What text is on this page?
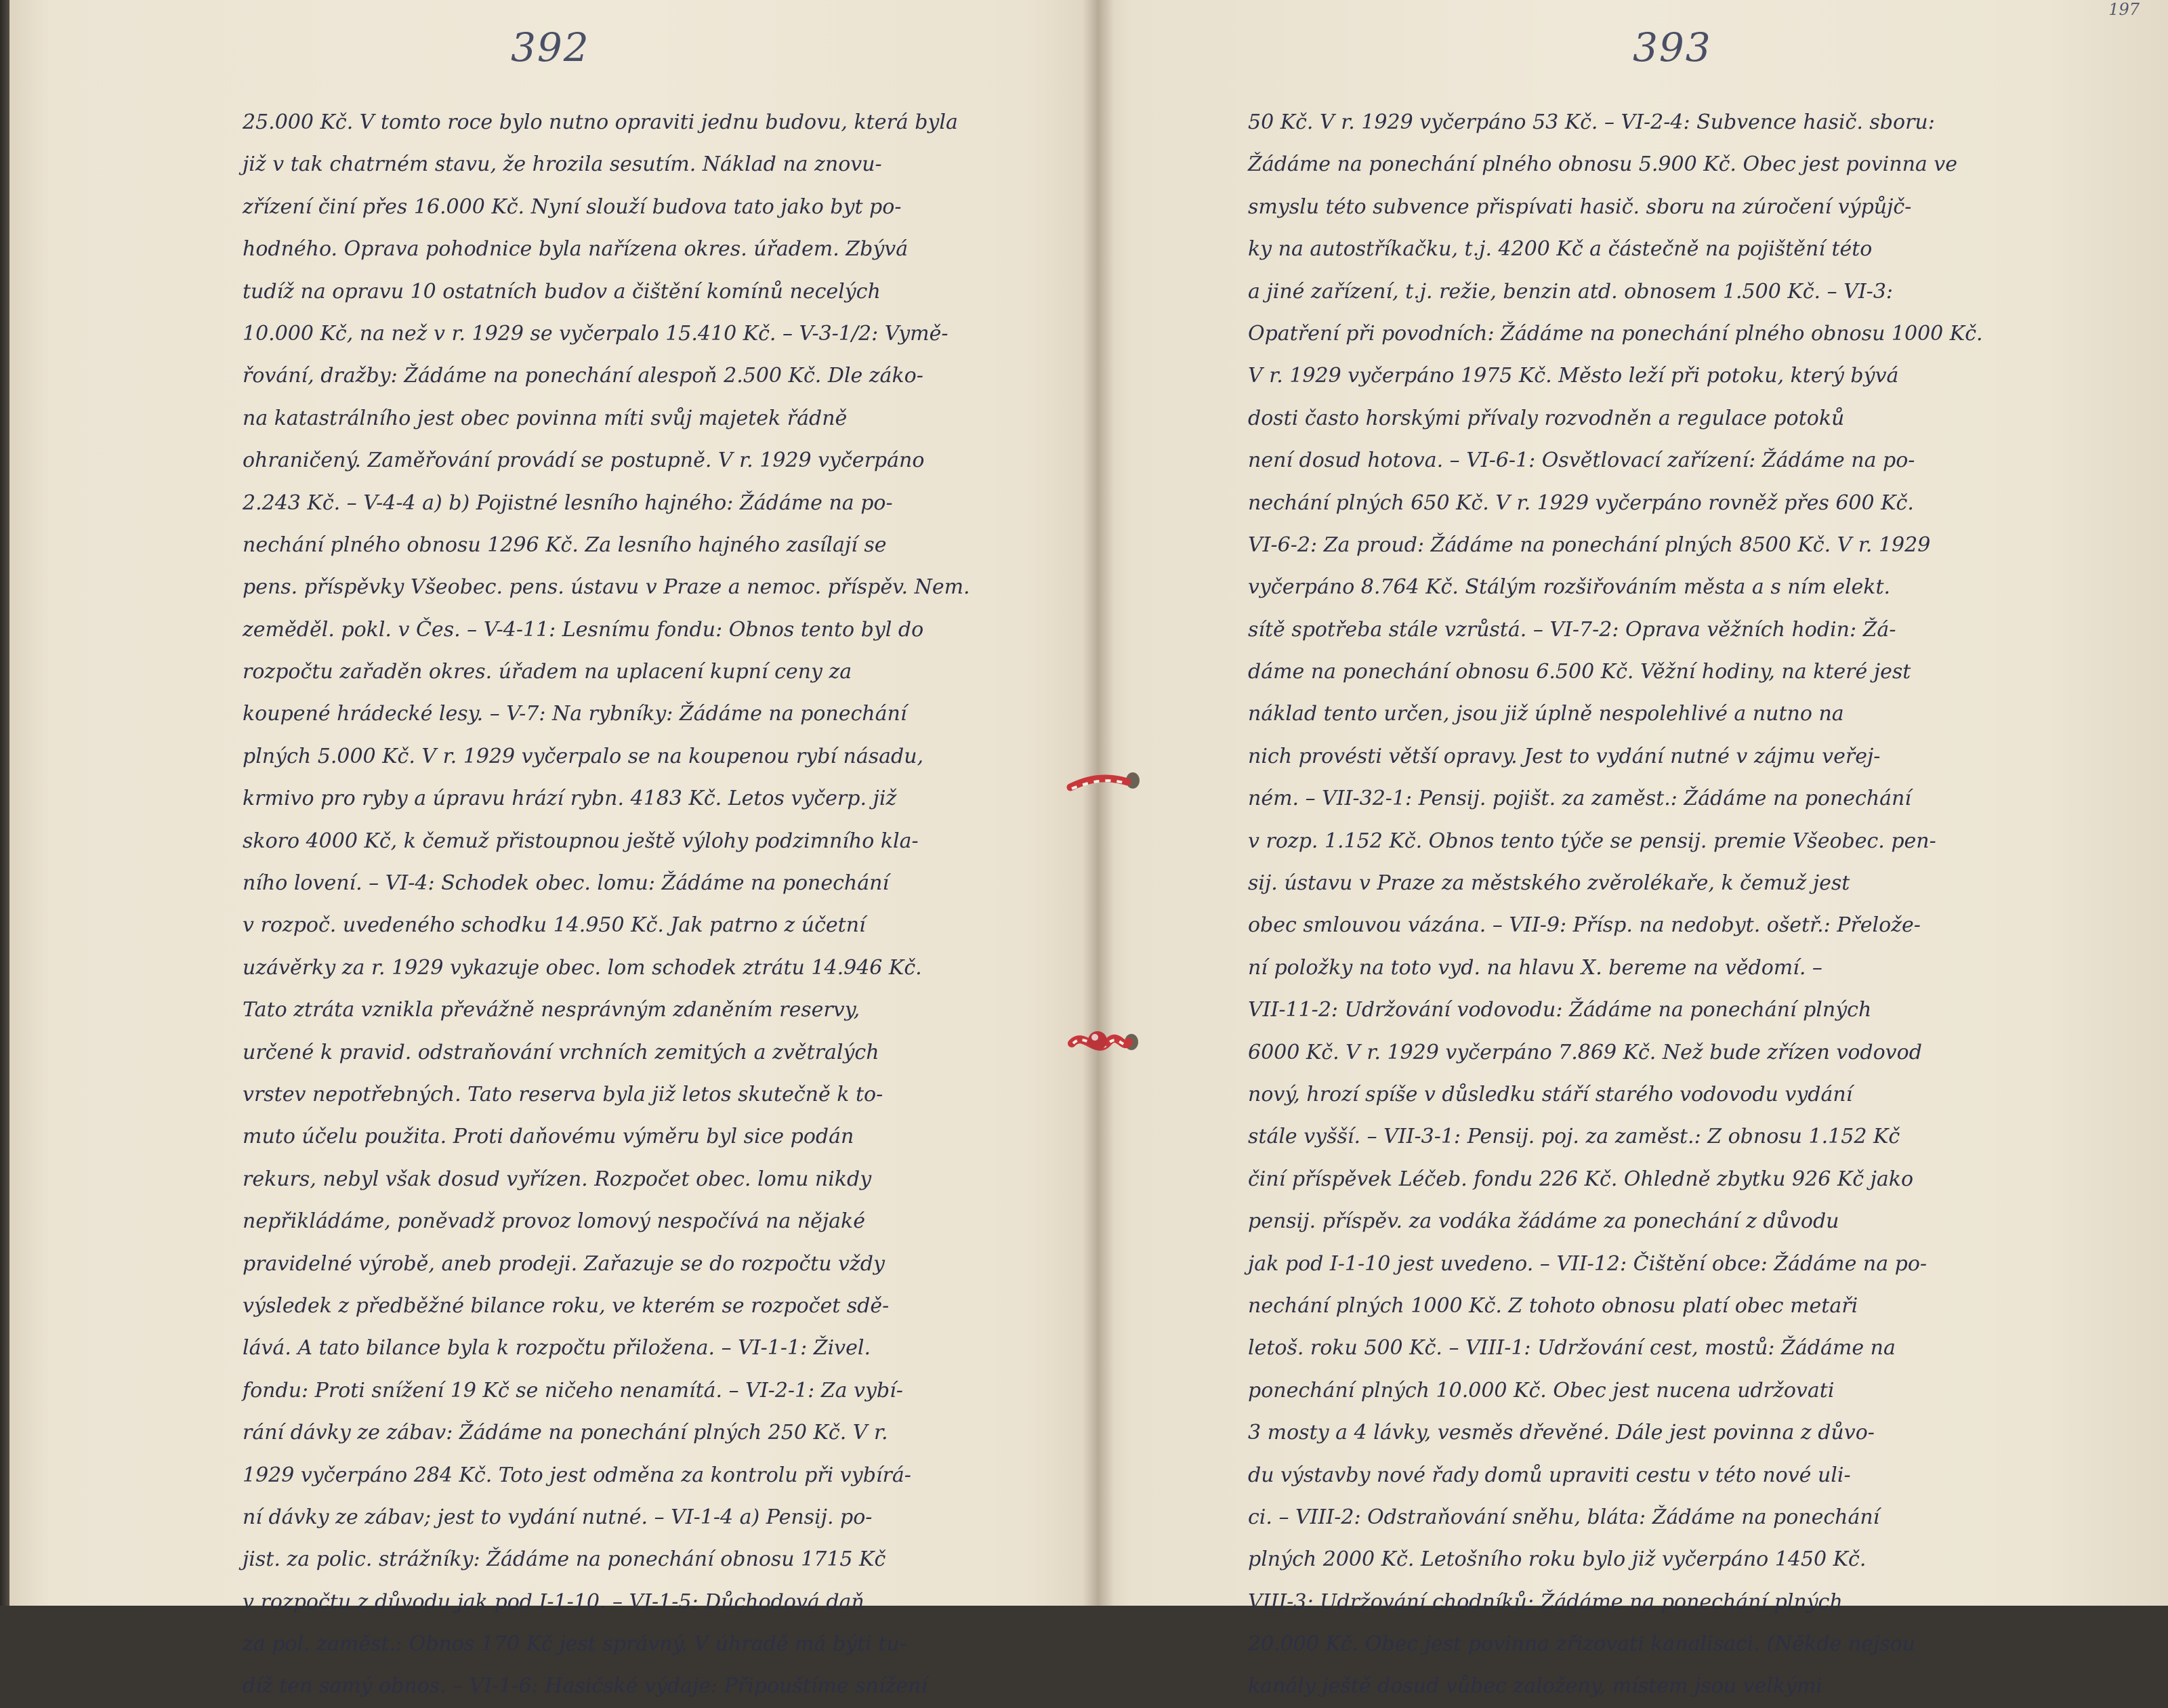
392
25.000 Kč. V tomto roce bylo nutno opraviti jednu budovu, která byla
již v tak chatrném stavu, že hrozila sesutím. Náklad na znovu-
zřízení činí přes 16.000 Kč. Nyní slouží budova tato jako byt po-
hodného. Oprava pohodnice byla nařízena okres. úřadem. Zbývá
tudíž na opravu 10 ostatních budov a čištění komínů necelých
10.000 Kč, na než v r. 1929 se vyčerpalo 15.410 Kč. – V-3-1/2: Vymě-
řování, dražby: Žádáme na ponechání alespoň 2.500 Kč. Dle záko-
na katastrálního jest obec povinna míti svůj majetek řádně
ohraničený. Zaměřování provádí se postupně. V r. 1929 vyčerpáno
2.243 Kč. – V-4-4 a) b) Pojistné lesního hajného: Žádáme na po-
nechání plného obnosu 1296 Kč. Za lesního hajného zasílají se
pens. příspěvky Všeobec. pens. ústavu v Praze a nemoc. příspěv. Nem.
zeměděl. pokl. v Čes. – V-4-11: Lesnímu fondu: Obnos tento byl do
rozpočtu zařaděn okres. úřadem na uplacení kupní ceny za
koupené hrádecké lesy. – V-7: Na rybníky: Žádáme na ponechání
plných 5.000 Kč. V r. 1929 vyčerpalo se na koupenou rybí násadu,
krmivo pro ryby a úpravu hrází rybn. 4183 Kč. Letos vyčerp. již
skoro 4000 Kč, k čemuž přistoupnou ještě výlohy podzimního kla-
ního lovení. – VI-4: Schodek obec. lomu: Žádáme na ponechání
v rozpoč. uvedeného schodku 14.950 Kč. Jak patrno z účetní
uzávěrky za r. 1929 vykazuje obec. lom schodek ztrátu 14.946 Kč.
Tato ztráta vznikla převážně nesprávným zdaněním reservy,
určené k pravid. odstraňování vrchních zemitých a zvětralých
vrstev nepotřebných. Tato reserva byla již letos skutečně k to-
muto účelu použita. Proti daňovému výměru byl sice podán
rekurs, nebyl však dosud vyřízen. Rozpočet obec. lomu nikdy
nepřikládáme, poněvadž provoz lomový nespočívá na nějaké
pravidelné výrobě, aneb prodeji. Zařazuje se do rozpočtu vždy
výsledek z předběžné bilance roku, ve kterém se rozpočet sdě-
lává. A tato bilance byla k rozpočtu přiložena. – VI-1-1: Živel.
fondu: Proti snížení 19 Kč se ničeho nenamítá. – VI-2-1: Za vybí-
rání dávky ze zábav: Žádáme na ponechání plných 250 Kč. V r.
1929 vyčerpáno 284 Kč. Toto jest odměna za kontrolu při vybírá-
ní dávky ze zábav; jest to vydání nutné. – VI-1-4 a) Pensij. po-
jist. za polic. strážníky: Žádáme na ponechání obnosu 1715 Kč
v rozpočtu z důvodu jak pod I-1-10. – VI-1-5: Důchodová daň
za pol. zaměst.: Obnos 170 Kč jest správný. V úhradě má býti tu-
díž ten samý obnos. – VI-1-6: Hasičské výdaje: Připouštíme snížení
393
197
50 Kč. V r. 1929 vyčerpáno 53 Kč. – VI-2-4: Subvence hasič. sboru:
Žádáme na ponechání plného obnosu 5.900 Kč. Obec jest povinna ve
smyslu této subvence přispívati hasič. sboru na zúročení výpůjč-
ky na autostříkačku, t.j. 4200 Kč a částečně na pojištění této
a jiné zařízení, t.j. režie, benzin atd. obnosem 1.500 Kč. – VI-3:
Opatření při povodních: Žádáme na ponechání plného obnosu 1000 Kč.
V r. 1929 vyčerpáno 1975 Kč. Město leží při potoku, který bývá
dosti často horskými přívaly rozvodněn a regulace potoků
není dosud hotova. – VI-6-1: Osvětlovací zařízení: Žádáme na po-
nechání plných 650 Kč. V r. 1929 vyčerpáno rovněž přes 600 Kč.
VI-6-2: Za proud: Žádáme na ponechání plných 8500 Kč. V r. 1929
vyčerpáno 8.764 Kč. Stálým rozšiřováním města a s ním elekt.
sítě spotřeba stále vzrůstá. – VI-7-2: Oprava věžních hodin: Žá-
dáme na ponechání obnosu 6.500 Kč. Věžní hodiny, na které jest
náklad tento určen, jsou již úplně nespolehlivé a nutno na
nich provésti větší opravy. Jest to vydání nutné v zájmu veřej-
ném. – VII-32-1: Pensij. pojišt. za zaměst.: Žádáme na ponechání
v rozp. 1.152 Kč. Obnos tento týče se pensij. premie Všeobec. pen-
sij. ústavu v Praze za městského zvěrolékaře, k čemuž jest
obec smlouvou vázána. – VII-9: Přísp. na nedobyt. ošetř.: Přelože-
ní položky na toto vyd. na hlavu X. bereme na vědomí. –
VII-11-2: Udržování vodovodu: Žádáme na ponechání plných
6000 Kč. V r. 1929 vyčerpáno 7.869 Kč. Než bude zřízen vodovod
nový, hrozí spíše v důsledku stáří starého vodovodu vydání
stále vyšší. – VII-3-1: Pensij. poj. za zaměst.: Z obnosu 1.152 Kč
činí příspěvek Léčeb. fondu 226 Kč. Ohledně zbytku 926 Kč jako
pensij. příspěv. za vodáka žádáme za ponechání z důvodu
jak pod I-1-10 jest uvedeno. – VII-12: Čištění obce: Žádáme na po-
nechání plných 1000 Kč. Z tohoto obnosu platí obec metaři
letoš. roku 500 Kč. – VIII-1: Udržování cest, mostů: Žádáme na
ponechání plných 10.000 Kč. Obec jest nucena udržovati
3 mosty a 4 lávky, vesměs dřevěné. Dále jest povinna z důvo-
du výstavby nové řady domů upraviti cestu v této nové uli-
ci. – VIII-2: Odstraňování sněhu, bláta: Žádáme na ponechání
plných 2000 Kč. Letošního roku bylo již vyčerpáno 1450 Kč.
VIII-3: Udržování chodníků: Žádáme na ponechání plných
20.000 Kč. Obec jest povinna zřizovati kanalisaci. (Někde nejsou
kanály ještě dosud vůbec založeny, místem jsou velkými
